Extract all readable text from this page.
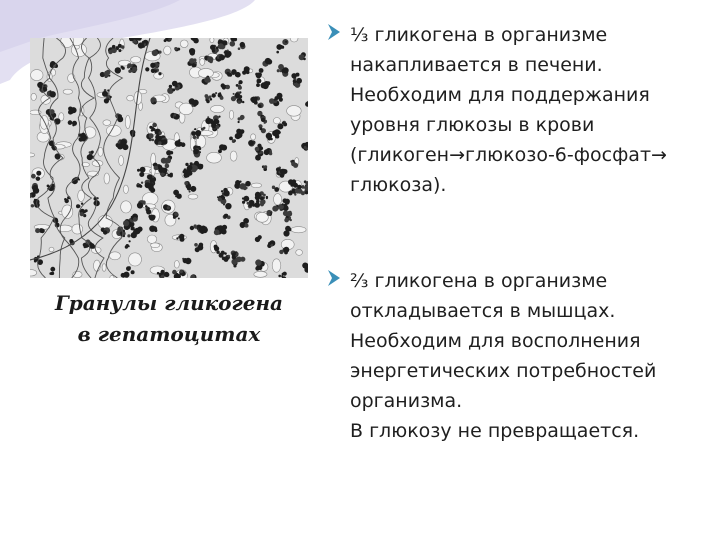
Гранулы гликогена
в гепатоцитах
⅓ гликогена в организме
накапливается в печени.
Необходим для поддержания
уровня глюкозы в крови
(гликоген→глюкозо-6-фосфат→
глюкоза).
⅔ гликогена в организме
откладывается в мышцах.
Необходим для восполнения
энергетических потребностей
организма.
В глюкозу не превращается.
